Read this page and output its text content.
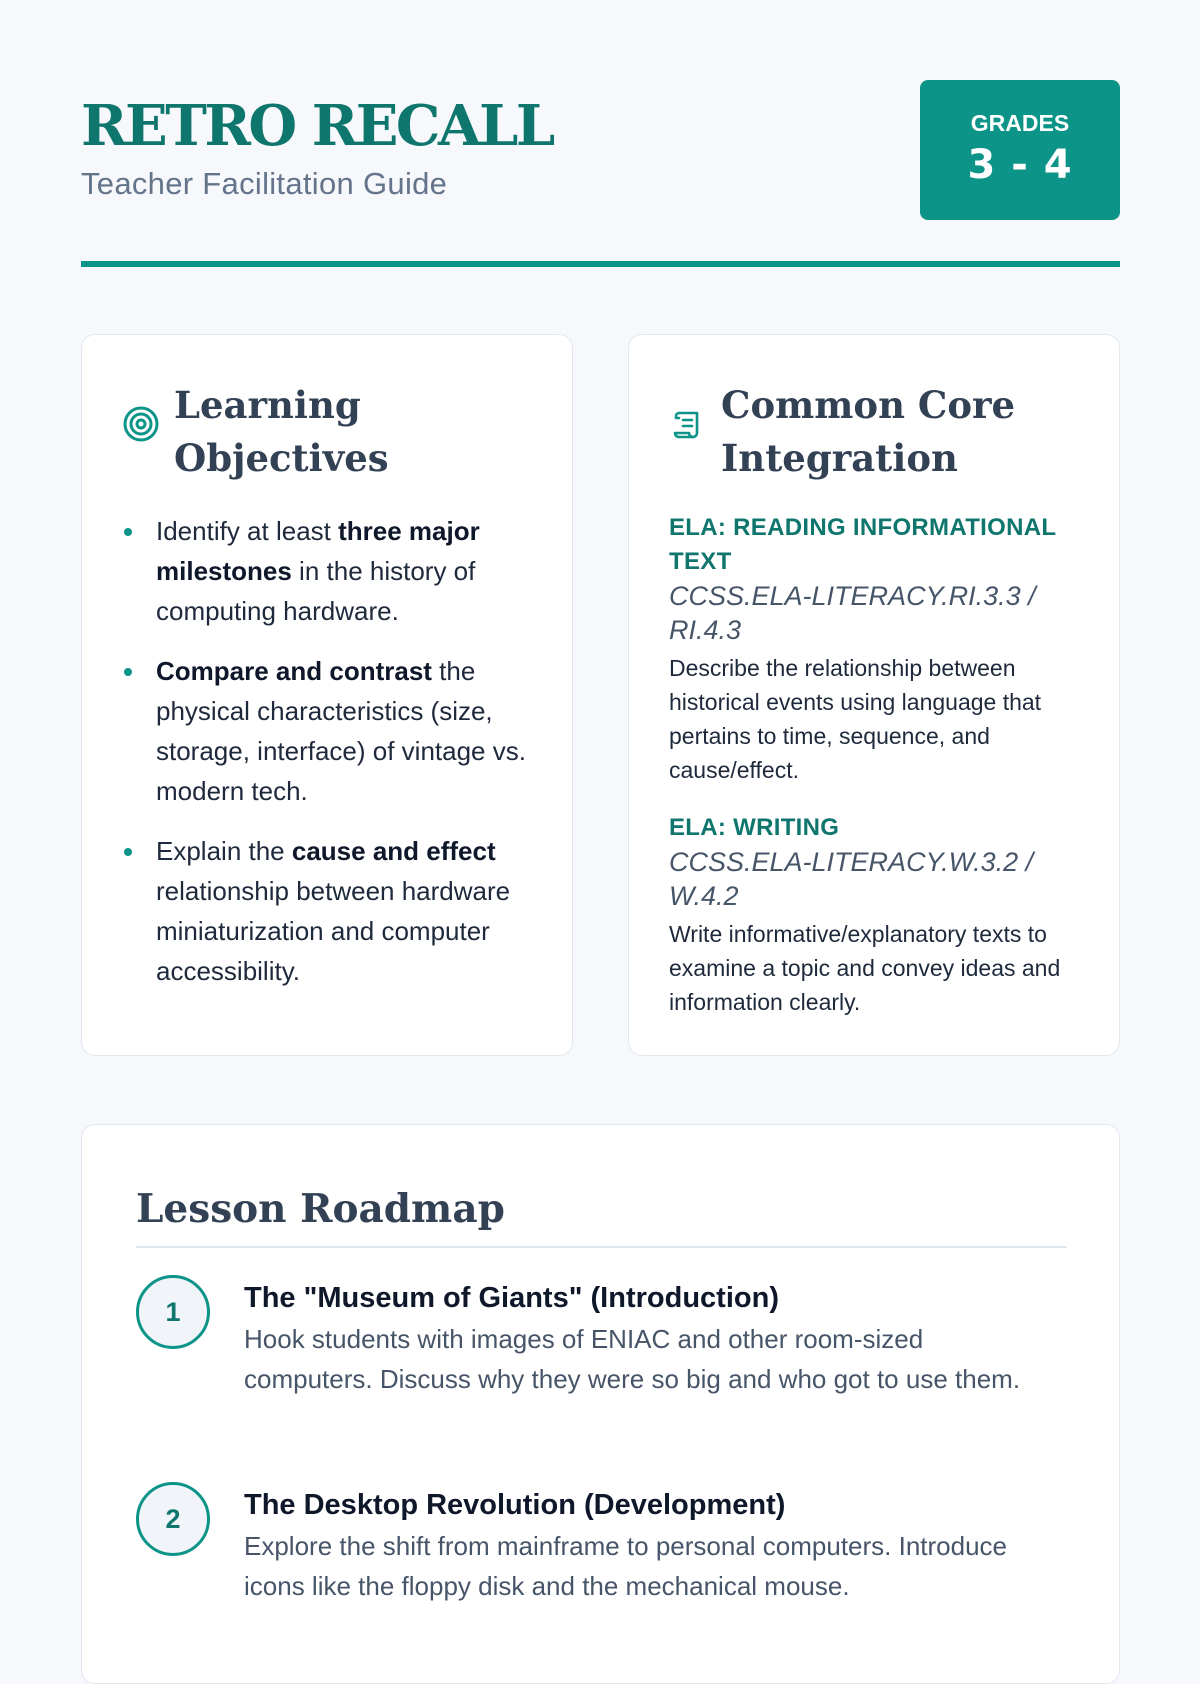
RETRO RECALL
Teacher Facilitation Guide
GRADES
3 - 4
Learning Objectives
Identify at least three major milestones in the history of computing hardware.
Compare and contrast the physical characteristics (size, storage, interface) of vintage vs. modern tech.
Explain the cause and effect relationship between hardware miniaturization and computer accessibility.
Common Core Integration
ELA: READING INFORMATIONAL TEXT
CCSS.ELA-LITERACY.RI.3.3 / RI.4.3
Describe the relationship between historical events using language that pertains to time, sequence, and cause/effect.
ELA: WRITING
CCSS.ELA-LITERACY.W.3.2 / W.4.2
Write informative/explanatory texts to examine a topic and convey ideas and information clearly.
Lesson Roadmap
1	The "Museum of Giants" (Introduction)
Hook students with images of ENIAC and other room-sized computers. Discuss why they were so big and who got to use them.
2	The Desktop Revolution (Development)
Explore the shift from mainframe to personal computers. Introduce icons like the floppy disk and the mechanical mouse.
